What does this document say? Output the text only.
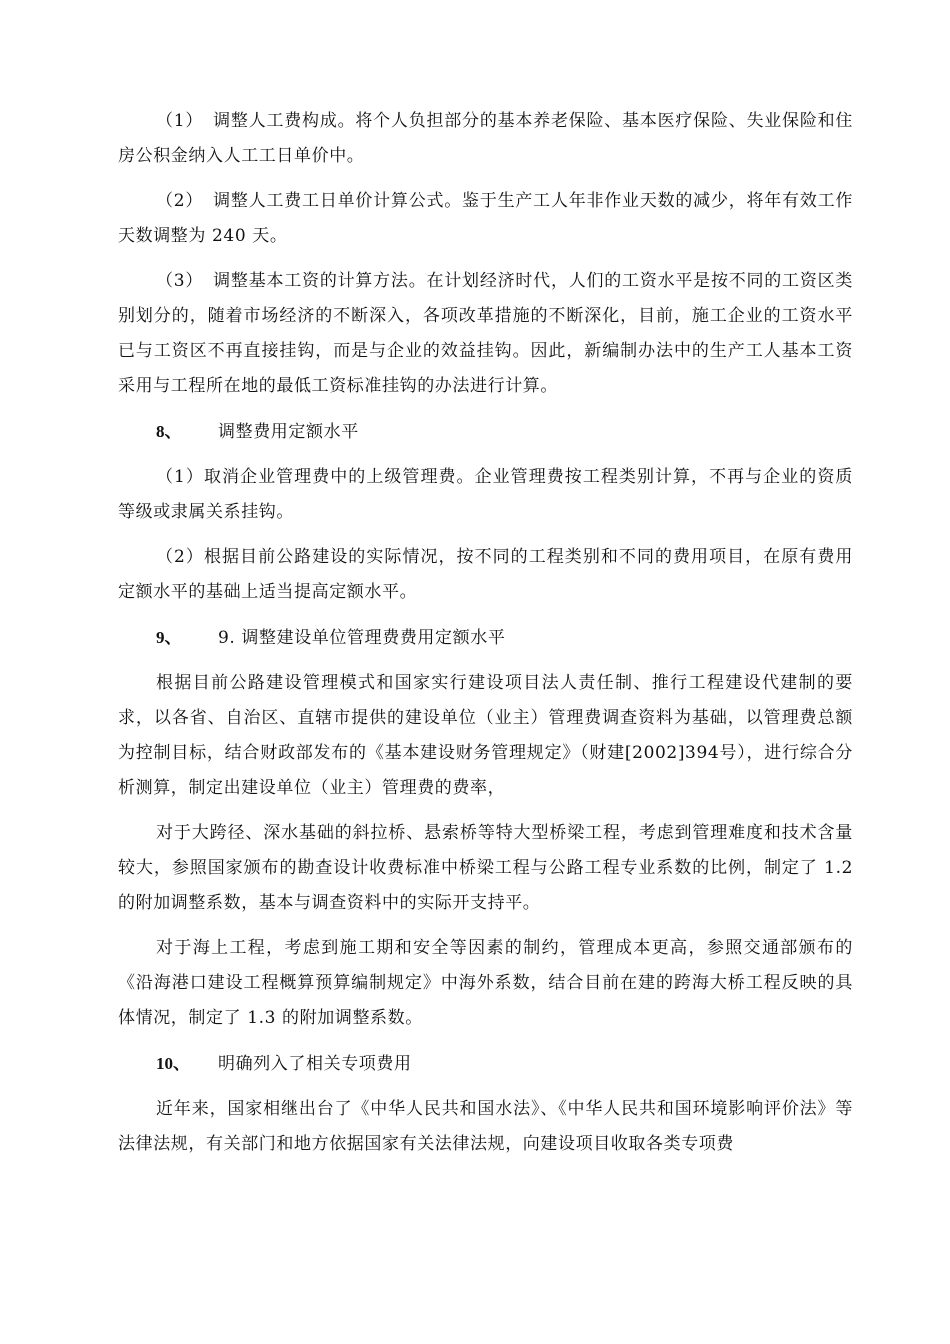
（1） 调整人工费构成。将个人负担部分的基本养老保险、基本医疗保险、失业保险和住房公积金纳入人工工日单价中。

（2） 调整人工费工日单价计算公式。鉴于生产工人年非作业天数的减少，将年有效工作天数调整为 240 天。

（3） 调整基本工资的计算方法。在计划经济时代，人们的工资水平是按不同的工资区类别划分的，随着市场经济的不断深入，各项改革措施的不断深化，目前，施工企业的工资水平已与工资区不再直接挂钩，而是与企业的效益挂钩。因此，新编制办法中的生产工人基本工资采用与工程所在地的最低工资标准挂钩的办法进行计算。

8、 调整费用定额水平

（1）取消企业管理费中的上级管理费。企业管理费按工程类别计算，不再与企业的资质等级或隶属关系挂钩。

（2）根据目前公路建设的实际情况，按不同的工程类别和不同的费用项目，在原有费用定额水平的基础上适当提高定额水平。

9、 9. 调整建设单位管理费费用定额水平

根据目前公路建设管理模式和国家实行建设项目法人责任制、推行工程建设代建制的要求，以各省、自治区、直辖市提供的建设单位（业主）管理费调查资料为基础，以管理费总额为控制目标，结合财政部发布的《基本建设财务管理规定》（财建[2002]394号），进行综合分析测算，制定出建设单位（业主）管理费的费率，

对于大跨径、深水基础的斜拉桥、悬索桥等特大型桥梁工程，考虑到管理难度和技术含量较大，参照国家颁布的勘查设计收费标准中桥梁工程与公路工程专业系数的比例，制定了 1.2 的附加调整系数，基本与调查资料中的实际开支持平。

对于海上工程，考虑到施工期和安全等因素的制约，管理成本更高，参照交通部颁布的《沿海港口建设工程概算预算编制规定》中海外系数，结合目前在建的跨海大桥工程反映的具体情况，制定了 1.3 的附加调整系数。

10、 明确列入了相关专项费用

近年来，国家相继出台了《中华人民共和国水法》、《中华人民共和国环境影响评价法》等法律法规，有关部门和地方依据国家有关法律法规，向建设项目收取各类专项费
